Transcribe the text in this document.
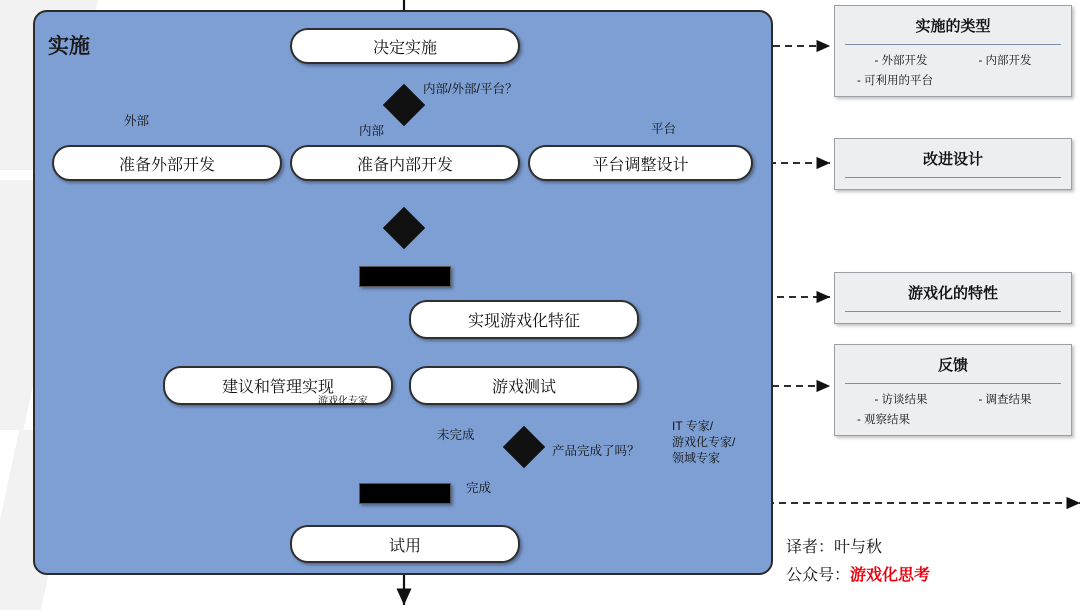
实施	决定实施
内部/外部/平台？
外部
内部	平台
准备外部开发	准备内部开发	平台调整设计
实现游戏化特征
建议和管理实现
游戏化专家
游戏测试
产品完成了吗？
未完成
完成
IT 专家/
游戏化专家/
领域专家
试用
实施的类型
- 外部开发	- 内部开发
- 可利用的平台
改进设计
游戏化的特性
反馈
- 访谈结果	- 调查结果
- 观察结果
译者：叶与秋
公众号：游戏化思考
